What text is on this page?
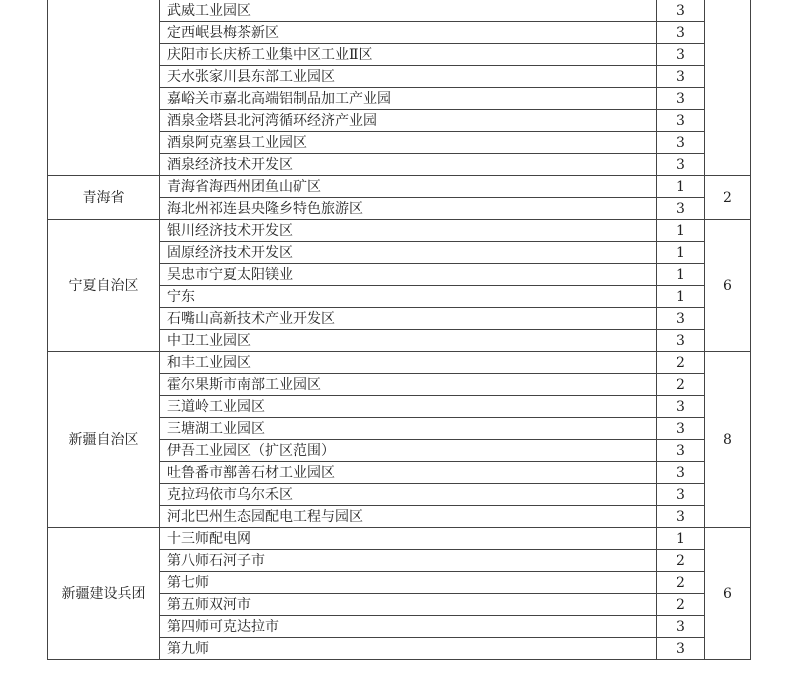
	武威工业园区	3	
	定西岷县梅茶新区	3	
	庆阳市长庆桥工业集中区工业Ⅱ区	3	
	天水张家川县东部工业园区	3	
	嘉峪关市嘉北高端铝制品加工产业园	3	
	酒泉金塔县北河湾循环经济产业园	3	
	酒泉阿克塞县工业园区	3	
	酒泉经济技术开发区	3	
青海省	青海省海西州团鱼山矿区	1	2
	海北州祁连县央隆乡特色旅游区	3	
宁夏自治区	银川经济技术开发区	1	6
	固原经济技术开发区	1	
	吴忠市宁夏太阳镁业	1	
	宁东	1	
	石嘴山高新技术产业开发区	3	
	中卫工业园区	3	
新疆自治区	和丰工业园区	2	8
	霍尔果斯市南部工业园区	2	
	三道岭工业园区	3	
	三塘湖工业园区	3	
	伊吾工业园区（扩区范围）	3	
	吐鲁番市鄯善石材工业园区	3	
	克拉玛依市乌尔禾区	3	
	河北巴州生态园配电工程与园区	3	
新疆建设兵团	十三师配电网	1	6
	第八师石河子市	2	
	第七师	2	
	第五师双河市	2	
	第四师可克达拉市	3	
	第九师	3	
